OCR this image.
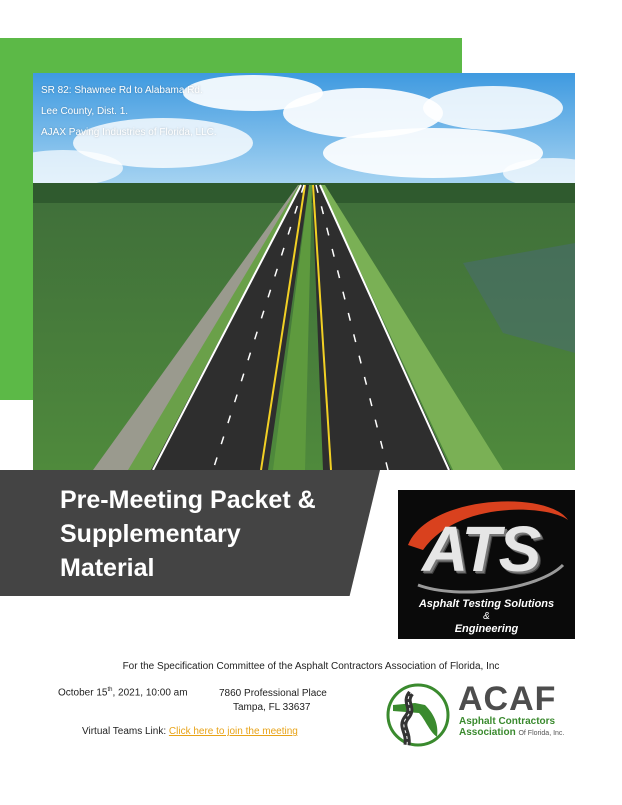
SR 82: Shawnee Rd to Alabama Rd.
Lee County, Dist. 1.
AJAX Paving Industries of Florida, LLC.
Pre-Meeting Packet &
Supplementary
Material	ATS
Asphalt Testing Solutions
&
Engineering
For the Specification Committee of the Asphalt Contractors Association of Florida, Inc
October 15th, 2021, 10:00 am	7860 Professional Place
Tampa, FL 33637
Virtual Teams Link: Click here to join the meeting
ACAF
Asphalt Contractors
Association Of Florida, Inc.
